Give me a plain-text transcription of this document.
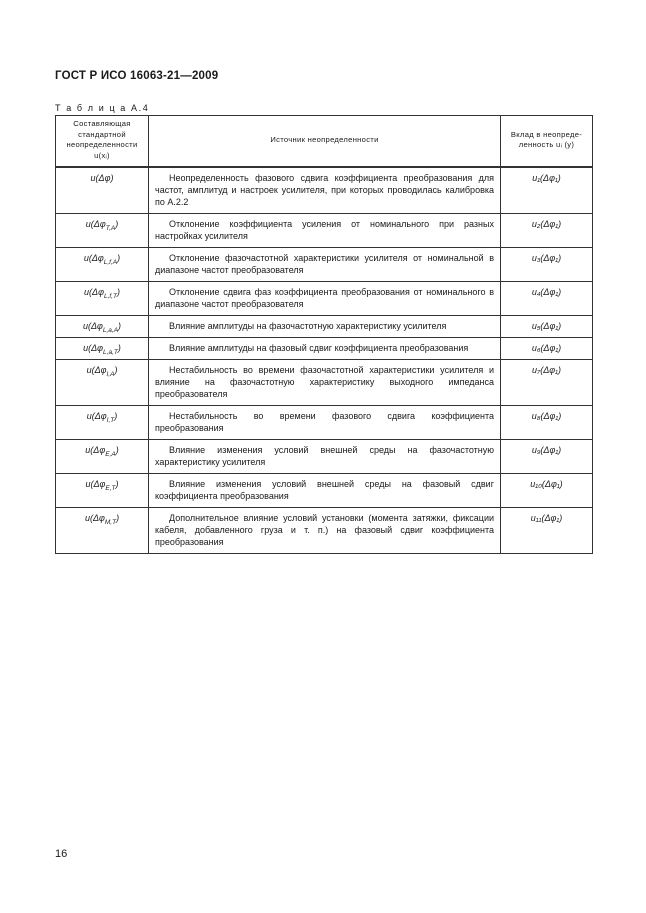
ГОСТ Р ИСО 16063-21—2009
Т а б л и ц а А.4
Составляющая стандартной неопределенности u(xᵢ)	Источник неопределенности	Вклад в неопреде-ленность uᵢ (y)
u(Δφ)	Неопределенность фазового сдвига коэффициента преобразования для частот, амплитуд и настроек усилителя, при которых проводилась калибровка по А.2.2	u₁(Δφ₁)
$u(\Delta\varphi_{T,A})$	Отклонение коэффициента усиления от номинального при разных настройках усилителя	u₂(Δφ₁)
$u(\Delta\varphi_{L,f,A})$	Отклонение фазочастотной характеристики усилителя от номинальной в диапазоне частот преобразователя	u₃(Δφ₁)
$u(\Delta\varphi_{L,f,T})$	Отклонение сдвига фаз коэффициента преобразования от номинального в диапазоне частот преобразователя	u₄(Δφ₁)
$u(\Delta\varphi_{L,a,A})$	Влияние амплитуды на фазочастотную характеристику усилителя	u₅(Δφ₁)
$u(\Delta\varphi_{L,a,T})$	Влияние амплитуды на фазовый сдвиг коэффициента преобразования	u₆(Δφ₁)
$u(\Delta\varphi_{I,A})$	Нестабильность во времени фазочастотной характеристики усилителя и влияние на фазочастотную характеристику выходного импеданса преобразователя	u₇(Δφ₁)
$u(\Delta\varphi_{I,T})$	Нестабильность во времени фазового сдвига коэффициента преобразования	u₈(Δφ₁)
$u(\Delta\varphi_{E,A})$	Влияние изменения условий внешней среды на фазочастотную характеристику усилителя	u₉(Δφ₁)
$u(\Delta\varphi_{E,T})$	Влияние изменения условий внешней среды на фазовый сдвиг коэффициента преобразования	u₁₀(Δφ₁)
$u(\Delta\varphi_{M,T})$	Дополнительное влияние условий установки (момента затяжки, фиксации кабеля, добавленного груза и т. п.) на фазовый сдвиг коэффициента преобразования	u₁₁(Δφ₁)
16
